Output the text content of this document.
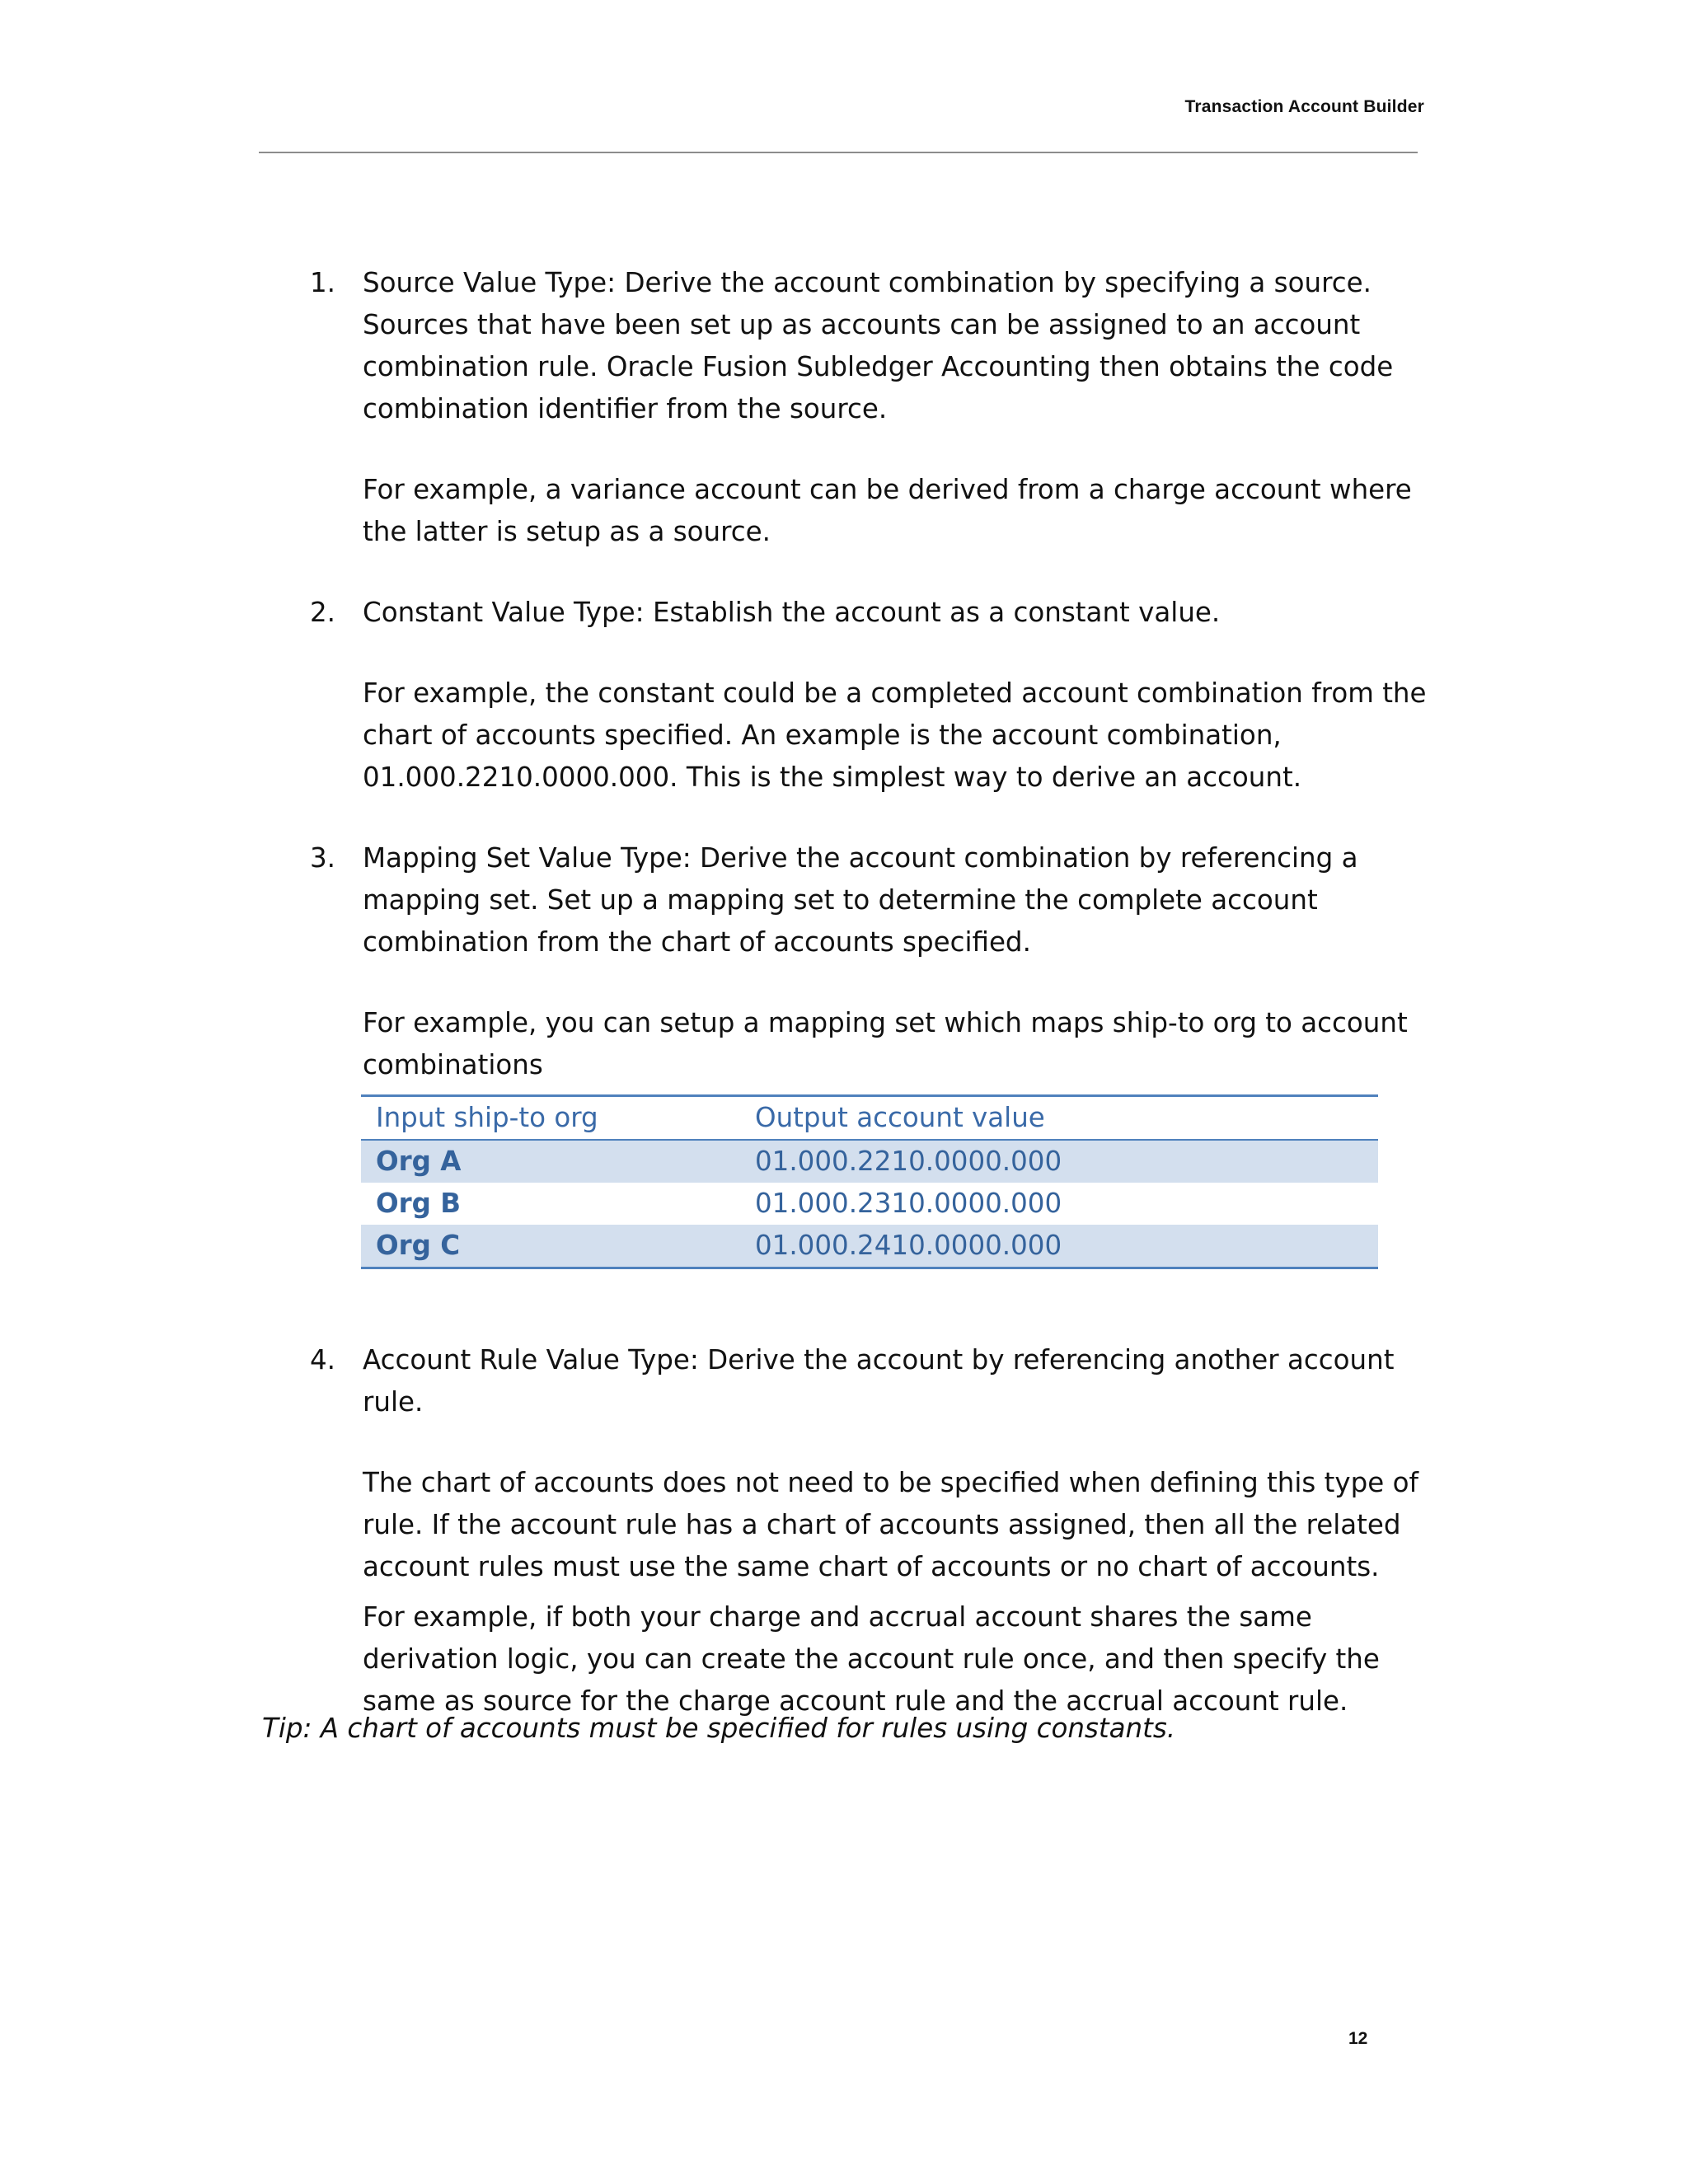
Transaction Account Builder
1. Source Value Type: Derive the account combination by specifying a source. Sources that have been set up as accounts can be assigned to an account combination rule. Oracle Fusion Subledger Accounting then obtains the code combination identifier from the source.

For example, a variance account can be derived from a charge account where the latter is setup as a source.

2. Constant Value Type: Establish the account as a constant value.

For example, the constant could be a completed account combination from the chart of accounts specified. An example is the account combination, 01.000.2210.0000.000. This is the simplest way to derive an account.

3. Mapping Set Value Type: Derive the account combination by referencing a mapping set. Set up a mapping set to determine the complete account combination from the chart of accounts specified.

For example, you can setup a mapping set which maps ship-to org to account combinations

Input ship-to org	Output account value
Org A	01.000.2210.0000.000
Org B	01.000.2310.0000.000
Org C	01.000.2410.0000.000
4. Account Rule Value Type: Derive the account by referencing another account rule.

The chart of accounts does not need to be specified when defining this type of rule. If the account rule has a chart of accounts assigned, then all the related account rules must use the same chart of accounts or no chart of accounts.

For example, if both your charge and accrual account shares the same derivation logic, you can create the account rule once, and then specify the same as source for the charge account rule and the accrual account rule.

Tip: A chart of accounts must be specified for rules using constants.
12
